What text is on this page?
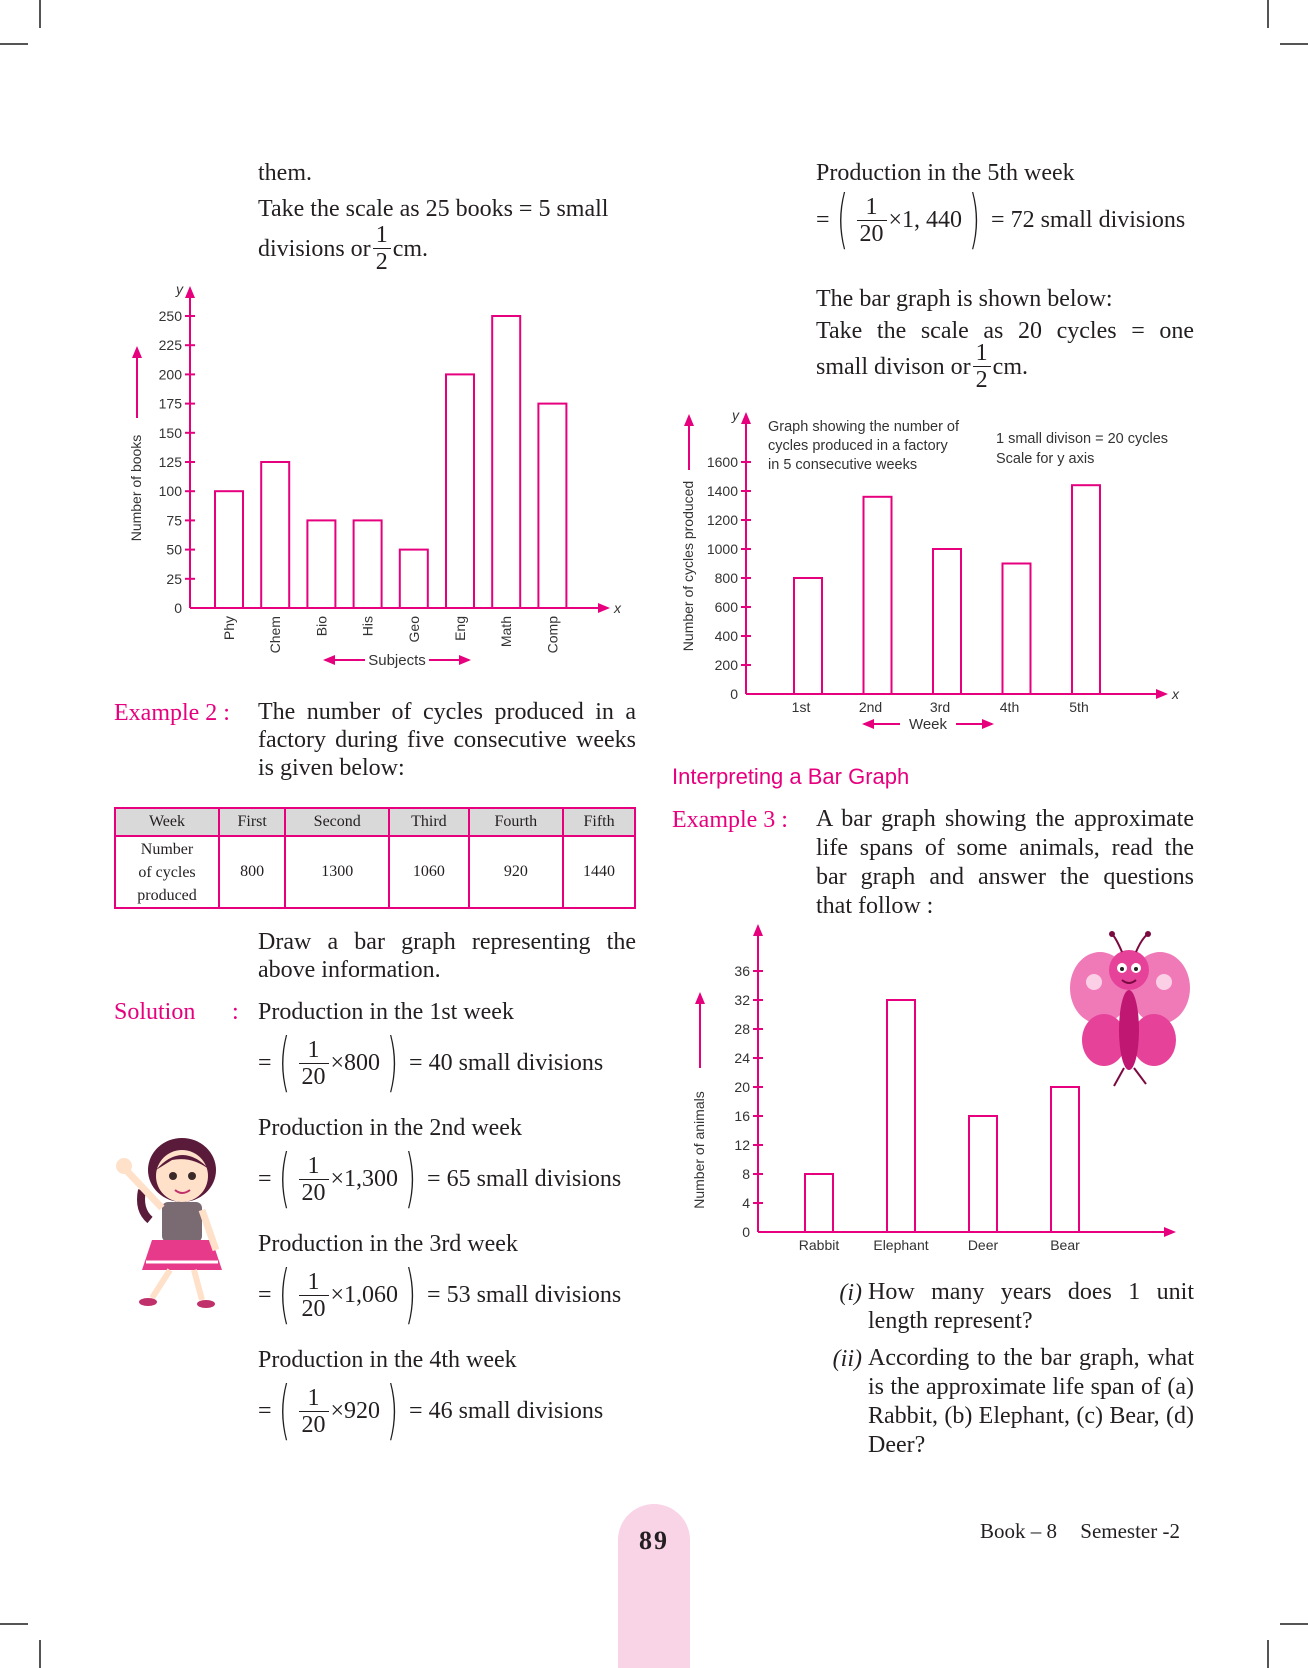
them.
Take the scale as 25 books = 5 small
divisions or $\frac{1}{2}$ cm.
x
y
0
25
50
75
100
125
150
175
200
225
250
Phy Chem Bio His Geo Eng Math Comp
Number of books
Subjects
Example 2 : The number of cycles produced in a factory during five consecutive weeks is given below:
Week	First	Second	Third	Fourth	Fifth

Number
of cycles
produced	800	1300	1060	920	1440
Draw a bar graph representing the above information.
Solution : Production in the 1st week
= ( $\frac{1}{20} \times 800$ ) = 40 small divisions
Production in the 2nd week
= ( $\frac{1}{20} \times 1,300$ ) = 65 small divisions
Production in the 3rd week
= ( $\frac{1}{20} \times 1,060$ ) = 53 small divisions
Production in the 4th week
= ( $\frac{1}{20} \times 920$ ) = 46 small divisions
Production in the 5th week
= ( $\frac{1}{20} \times 1$, 440 ) = 72 small divisions
The bar graph is shown below:
Take the scale as 20 cycles = one
small divison or $\frac{1}{2}$ cm.
x
y
0
200
400
600
800
1000
1200
1400
1600
1st	2nd	3rd	4th	5th
Number of cycles produced
Week
Graph showing the number of
cycles produced in a factory
in 5 consecutive weeks
1 small divison = 20 cycles
Scale for y axis
Interpreting a Bar Graph
Example 3 : A bar graph showing the approximate life spans of some animals, read the bar graph and answer the questions that follow :
0
4
8
12
16
20
24
28
32
36
Rabbit Elephant	Deer	Bear
Number of animals
(i) How many years does 1 unit length represent?
(ii) According to the bar graph, what is the approximate life span of (a) Rabbit, (b) Elephant, (c) Bear, (d) Deer?
89	Book – 8 Semester -2
